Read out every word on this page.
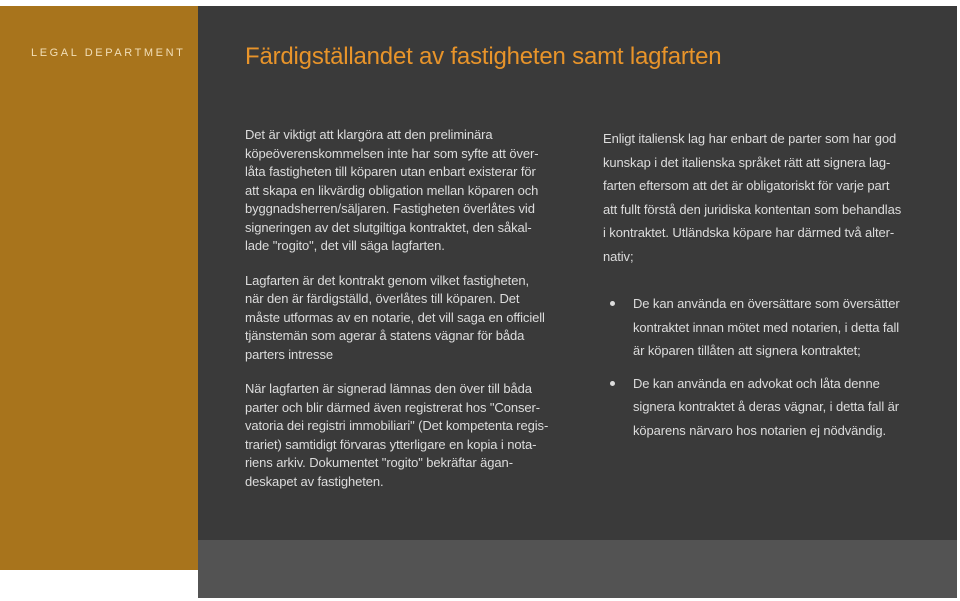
LEGAL DEPARTMENT Färdigställandet av fastigheten samt lagfarten

Det är viktigt att klargöra att den preliminära
köpeöverenskommelsen inte har som syfte att över-
låta fastigheten till köparen utan enbart existerar för
att skapa en likvärdig obligation mellan köparen och
byggnadsherren/säljaren. Fastigheten överlåtes vid
signeringen av det slutgiltiga kontraktet, den såkal-
lade "rogito", det vill säga lagfarten.

Lagfarten är det kontrakt genom vilket fastigheten,
när den är färdigställd, överlåtes till köparen. Det
måste utformas av en notarie, det vill saga en officiell
tjänstemän som agerar å statens vägnar för båda
parters intresse

När lagfarten är signerad lämnas den över till båda
parter och blir därmed även registrerat hos "Conser-
vatoria dei registri immobiliari" (Det kompetenta regis-
trariet) samtidigt förvaras ytterligare en kopia i nota-
riens arkiv. Dokumentet "rogito" bekräftar ägan-
deskapet av fastigheten.

Enligt italiensk lag har enbart de parter som har god
kunskap i det italienska språket rätt att signera lag-
farten eftersom att det är obligatoriskt för varje part
att fullt förstå den juridiska kontentan som behandlas
i kontraktet. Utländska köpare har därmed två alter-
nativ;

De kan använda en översättare som översätter
kontraktet innan mötet med notarien, i detta fall
är köparen tillåten att signera kontraktet;

De kan använda en advokat och låta denne
signera kontraktet å deras vägnar, i detta fall är
köparens närvaro hos notarien ej nödvändig.
